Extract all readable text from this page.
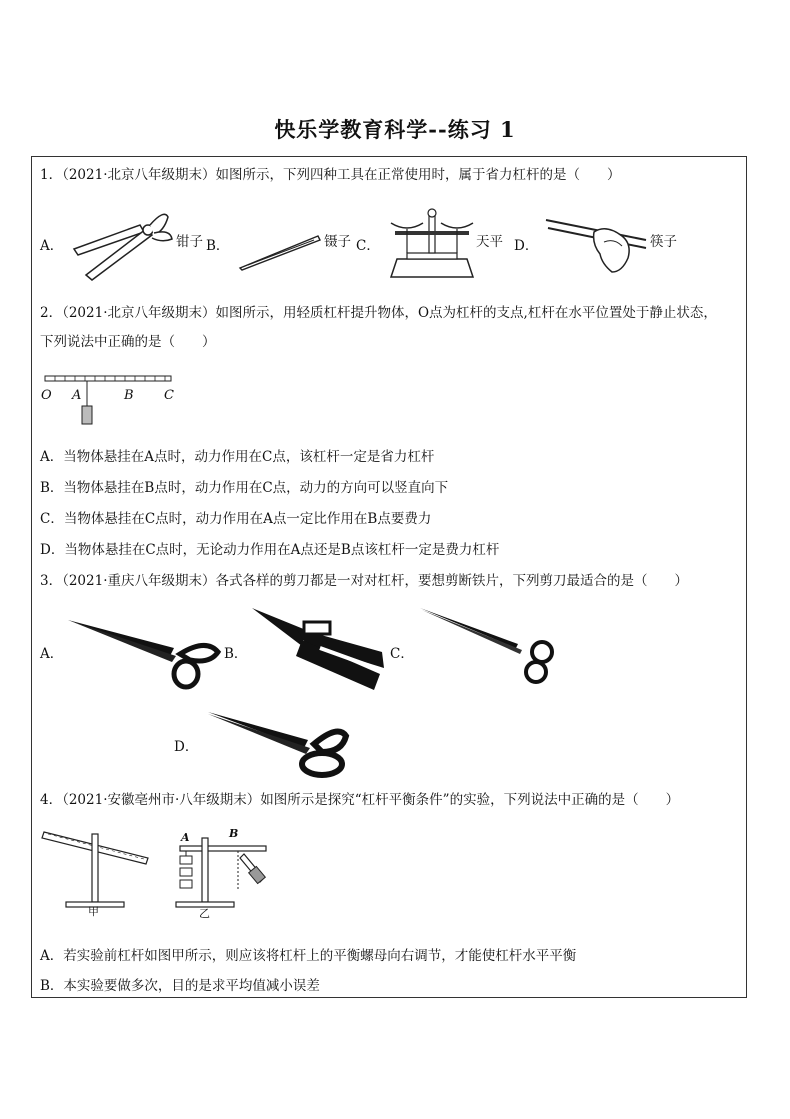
快乐学教育科学--练习 1
1．（2021·北京八年级期末）如图所示，下列四种工具在正常使用时，属于省力杠杆的是（　　）
A．	钳子 B．	镊子 C．	天平 D．	筷子
2．（2021·北京八年级期末）如图所示，用轻质杠杆提升物体，O点为杠杆的支点,杠杆在水平位置处于静止状态，
下列说法中正确的是（　　）
O A	B C
A．当物体悬挂在A点时，动力作用在C点，该杠杆一定是省力杠杆
B．当物体悬挂在B点时，动力作用在C点，动力的方向可以竖直向下
C．当物体悬挂在C点时，动力作用在A点一定比作用在B点要费力
D．当物体悬挂在C点时，无论动力作用在A点还是B点该杠杆一定是费力杠杆
3．（2021·重庆八年级期末）各式各样的剪刀都是一对对杠杆，要想剪断铁片，下列剪刀最适合的是（　　）
A．	B．	C．
D．
4．（2021·安徽亳州市·八年级期末）如图所示是探究“杠杆平衡条件”的实验，下列说法中正确的是（　　）
甲	乙
A	B
A．若实验前杠杆如图甲所示，则应该将杠杆上的平衡螺母向右调节，才能使杠杆水平平衡
B．本实验要做多次，目的是求平均值减小误差
